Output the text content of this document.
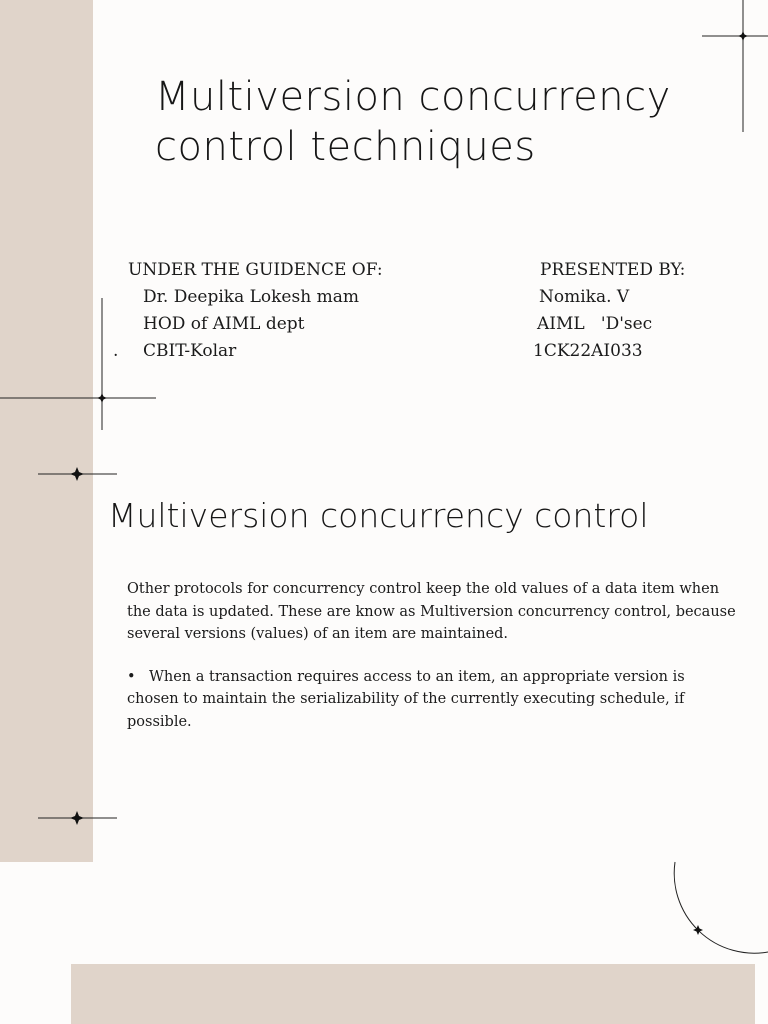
Multiversion concurrency
control techniques
UNDER THE GUIDENCE OF:
Dr. Deepika Lokesh mam
HOD of AIML dept
CBIT-Kolar
.
PRESENTED BY:
Nomika. V
AIML   'D'sec
1CK22AI033
Multiversion concurrency control

Other protocols for concurrency control keep the old values of a data item when the data is updated. These are know as Multiversion concurrency control, because several versions (values) of an item are maintained.

• When a transaction requires access to an item, an appropriate version is chosen to maintain the serializability of the currently executing schedule, if possible.
